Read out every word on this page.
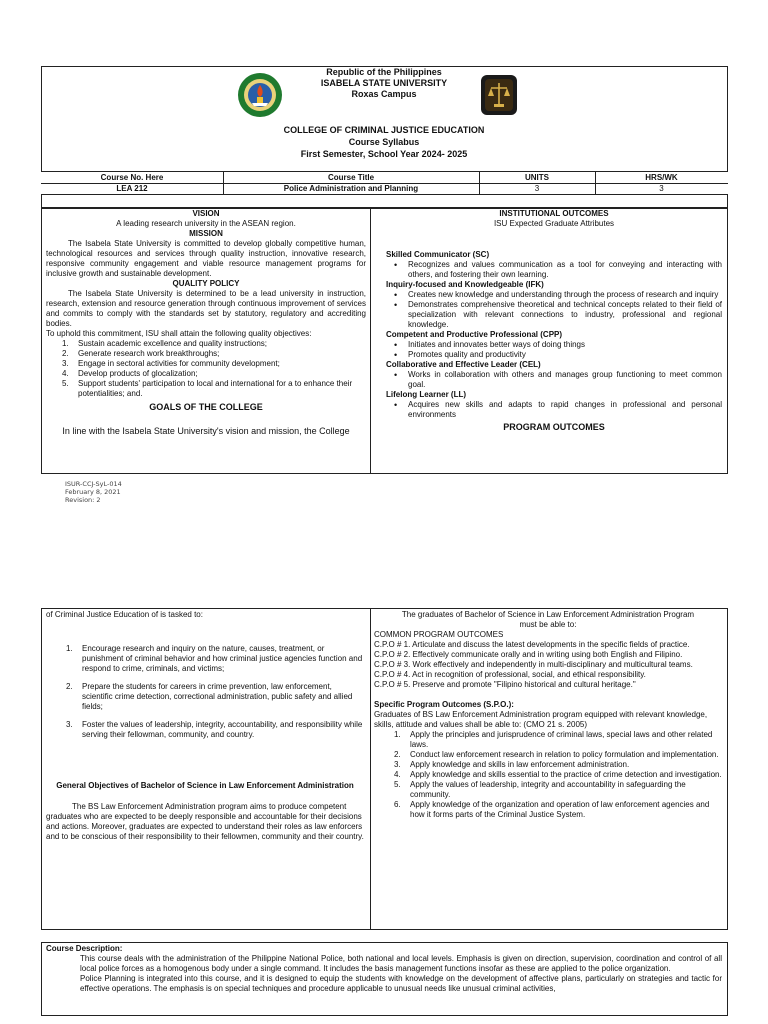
Republic of the Philippines
ISABELA STATE UNIVERSITY
Roxas Campus
COLLEGE OF CRIMINAL JUSTICE EDUCATION
Course Syllabus
First Semester, School Year 2024- 2025
Course No. Here	Course Title	UNITS	HRS/WK
LEA 212	Police Administration and Planning	3	3
VISION
A leading research university in the ASEAN region.
MISSION
The Isabela State University is committed to develop globally competitive human, technological resources and services through quality instruction, innovative research, responsive community engagement and viable resource management programs for inclusive growth and sustainable development.
QUALITY POLICY
The Isabela State University is determined to be a lead university in instruction, research, extension and resource generation through continuous improvement of services and commits to comply with the standards set by statutory, regulatory and accrediting bodies.
To uphold this commitment, ISU shall attain the following quality objectives:
1. Sustain academic excellence and quality instructions;
2. Generate research work breakthroughs;
3. Engage in sectoral activities for community development;
4. Develop products of glocalization;
5. Support students' participation to local and international for a to enhance their potentialities; and.
GOALS OF THE COLLEGE
In line with the Isabela State University's vision and mission, the College
INSTITUTIONAL OUTCOMES
ISU Expected Graduate Attributes
Skilled Communicator (SC)
• Recognizes and values communication as a tool for conveying and interacting with others, and fostering their own learning.
Inquiry-focused and Knowledgeable (IFK)
• Creates new knowledge and understanding through the process of research and inquiry
• Demonstrates comprehensive theoretical and technical concepts related to their field of specialization with relevant connections to industry, professional and regional knowledge.
Competent and Productive Professional (CPP)
• Initiates and innovates better ways of doing things
• Promotes quality and productivity
Collaborative and Effective Leader (CEL)
• Works in collaboration with others and manages group functioning to meet common goal.
Lifelong Learner (LL)
• Acquires new skills and adapts to rapid changes in professional and personal environments
PROGRAM OUTCOMES
ISUR-CCJ-SyL-014
February 8, 2021
Revision: 2
of Criminal Justice Education of is tasked to:
1. Encourage research and inquiry on the nature, causes, treatment, or punishment of criminal behavior and how criminal justice agencies function and respond to crime, criminals, and victims;
2. Prepare the students for careers in crime prevention, law enforcement, scientific crime detection, correctional administration, public safety and allied fields;
3. Foster the values of leadership, integrity, accountability, and responsibility while serving their fellowman, community, and country.
General Objectives of Bachelor of Science in Law Enforcement Administration
The BS Law Enforcement Administration program aims to produce competent graduates who are expected to be deeply responsible and accountable for their decisions and actions. Moreover, graduates are expected to understand their roles as law enforcers and to be conscious of their responsibility to their fellowmen, community and their country.
The graduates of Bachelor of Science in Law Enforcement Administration Program
must be able to:
COMMON PROGRAM OUTCOMES
C.P.O # 1. Articulate and discuss the latest developments in the specific fields of practice.
C.P.O # 2. Effectively communicate orally and in writing using both English and Filipino.
C.P.O # 3. Work effectively and independently in multi-disciplinary and multicultural teams.
C.P.O # 4. Act in recognition of professional, social, and ethical responsibility.
C.P.O # 5. Preserve and promote "Filipino historical and cultural heritage."
Specific Program Outcomes (S.P.O.):
Graduates of BS Law Enforcement Administration program equipped with relevant knowledge, skills, attitude and values shall be able to: (CMO 21 s. 2005)
1. Apply the principles and jurisprudence of criminal laws, special laws and other related laws.
2. Conduct law enforcement research in relation to policy formulation and implementation.
3. Apply knowledge and skills in law enforcement administration.
4. Apply knowledge and skills essential to the practice of crime detection and investigation.
5. Apply the values of leadership, integrity and accountability in safeguarding the community.
6. Apply knowledge of the organization and operation of law enforcement agencies and how it forms parts of the Criminal Justice System.
Course Description:
This course deals with the administration of the Philippine National Police, both national and local levels. Emphasis is given on direction, supervision, coordination and control of all local police forces as a homogenous body under a single command. It includes the basis management functions insofar as these are applied to the police organization.
Police Planning is integrated into this course, and it is designed to equip the students with knowledge on the development of affective plans, particularly on strategies and tactic for effective operations. The emphasis is on special techniques and procedure applicable to unusual needs like unusual criminal activities,
